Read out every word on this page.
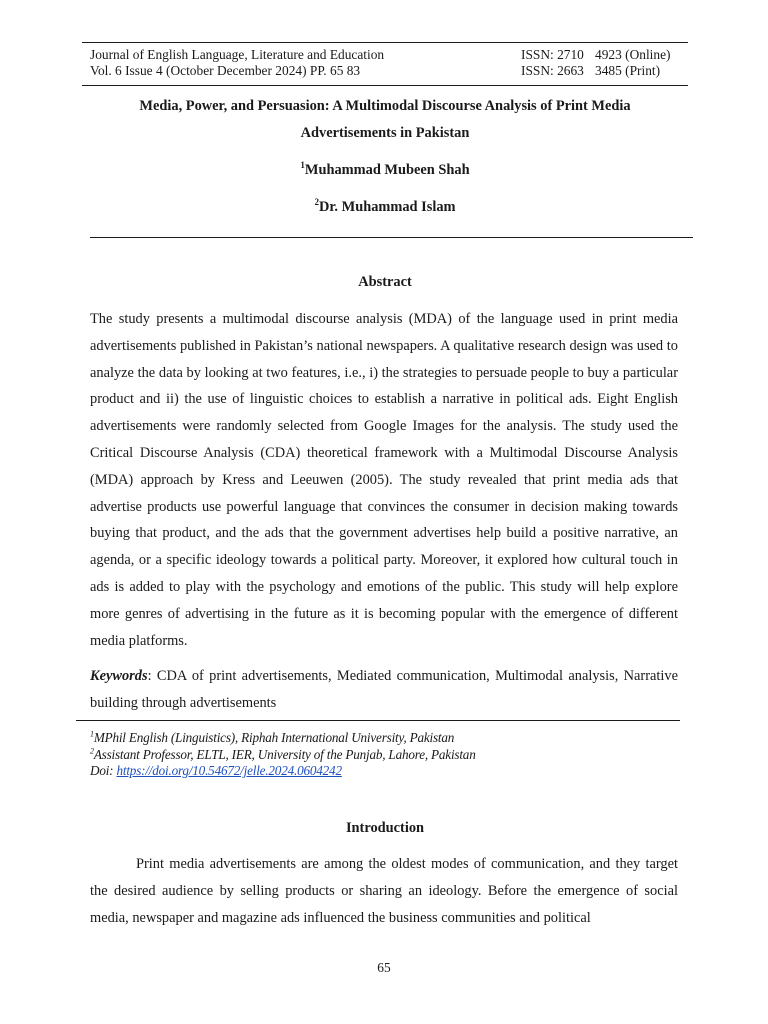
Journal of English Language, Literature and Education
Vol. 6 Issue 4 (October December 2024) PP. 65 83
ISSN: 2710 4923 (Online)
ISSN: 2663 3485 (Print)
Media, Power, and Persuasion: A Multimodal Discourse Analysis of Print Media
Advertisements in Pakistan
$^1$Muhammad Mubeen Shah
$^2$Dr. Muhammad Islam
Abstract
The study presents a multimodal discourse analysis (MDA) of the language used in print media advertisements published in Pakistan’s national newspapers. A qualitative research design was used to analyze the data by looking at two features, i.e., i) the strategies to persuade people to buy a particular product and ii) the use of linguistic choices to establish a narrative in political ads. Eight English advertisements were randomly selected from Google Images for the analysis. The study used the Critical Discourse Analysis (CDA) theoretical framework with a Multimodal Discourse Analysis (MDA) approach by Kress and Leeuwen (2005). The study revealed that print media ads that advertise products use powerful language that convinces the consumer in decision making towards buying that product, and the ads that the government advertises help build a positive narrative, an agenda, or a specific ideology towards a political party. Moreover, it explored how cultural touch in ads is added to play with the psychology and emotions of the public. This study will help explore more genres of advertising in the future as it is becoming popular with the emergence of different media platforms.
Keywords: CDA of print advertisements, Mediated communication, Multimodal analysis, Narrative building through advertisements
$^1$MPhil English (Linguistics), Riphah International University, Pakistan
$^2$Assistant Professor, ELTL, IER, University of the Punjab, Lahore, Pakistan
Doi: https://doi.org/10.54672/jelle.2024.0604242
Introduction
Print media advertisements are among the oldest modes of communication, and they target the desired audience by selling products or sharing an ideology. Before the emergence of social media, newspaper and magazine ads influenced the business communities and political
65
